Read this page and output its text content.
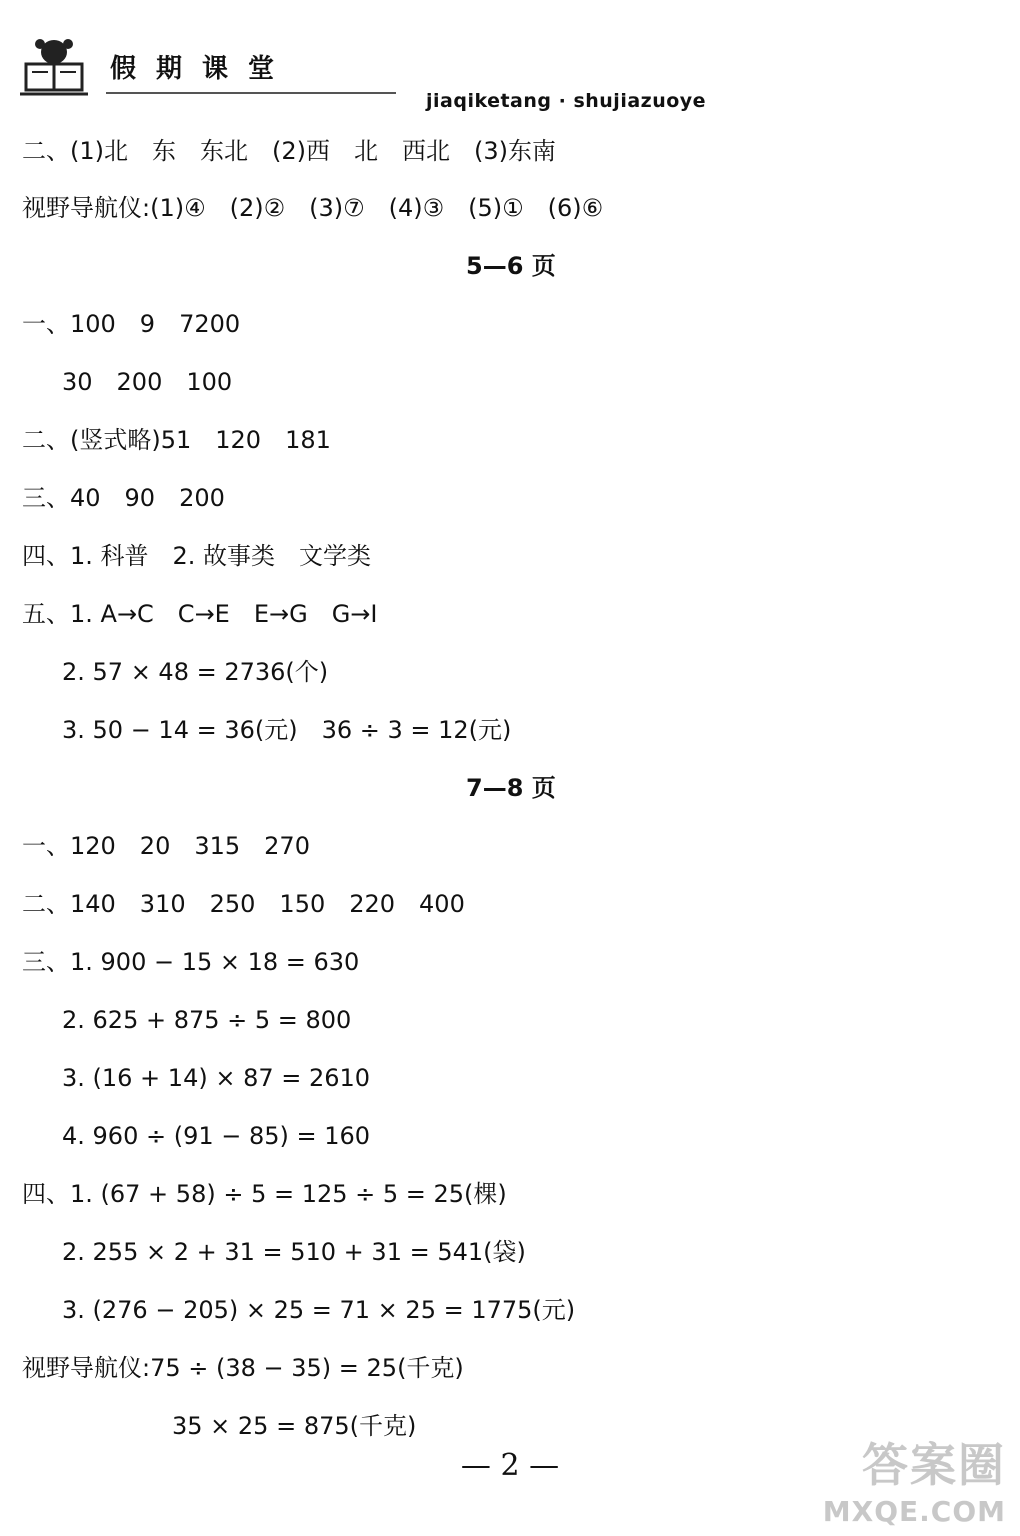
假期课堂
jiaqiketang · shujiazuoye
二、(1)北　东　东北　(2)西　北　西北　(3)东南
视野导航仪:(1)④　(2)②　(3)⑦　(4)③　(5)①　(6)⑥
5—6 页
一、100　9　7200
30　200　100
二、(竖式略)51　120　181
三、40　90　200
四、1. 科普　2. 故事类　文学类
五、1. A→C　C→E　E→G　G→I
2. 57 × 48 = 2736(个)
3. 50 − 14 = 36(元)　36 ÷ 3 = 12(元)
7—8 页
一、120　20　315　270
二、140　310　250　150　220　400
三、1. 900 − 15 × 18 = 630
2. 625 + 875 ÷ 5 = 800
3. (16 + 14) × 87 = 2610
4. 960 ÷ (91 − 85) = 160
四、1. (67 + 58) ÷ 5 = 125 ÷ 5 = 25(棵)
2. 255 × 2 + 31 = 510 + 31 = 541(袋)
3. (276 − 205) × 25 = 71 × 25 = 1775(元)
视野导航仪:75 ÷ (38 − 35) = 25(千克)
35 × 25 = 875(千克)
— 2 —	答案圈
MXQE.COM
